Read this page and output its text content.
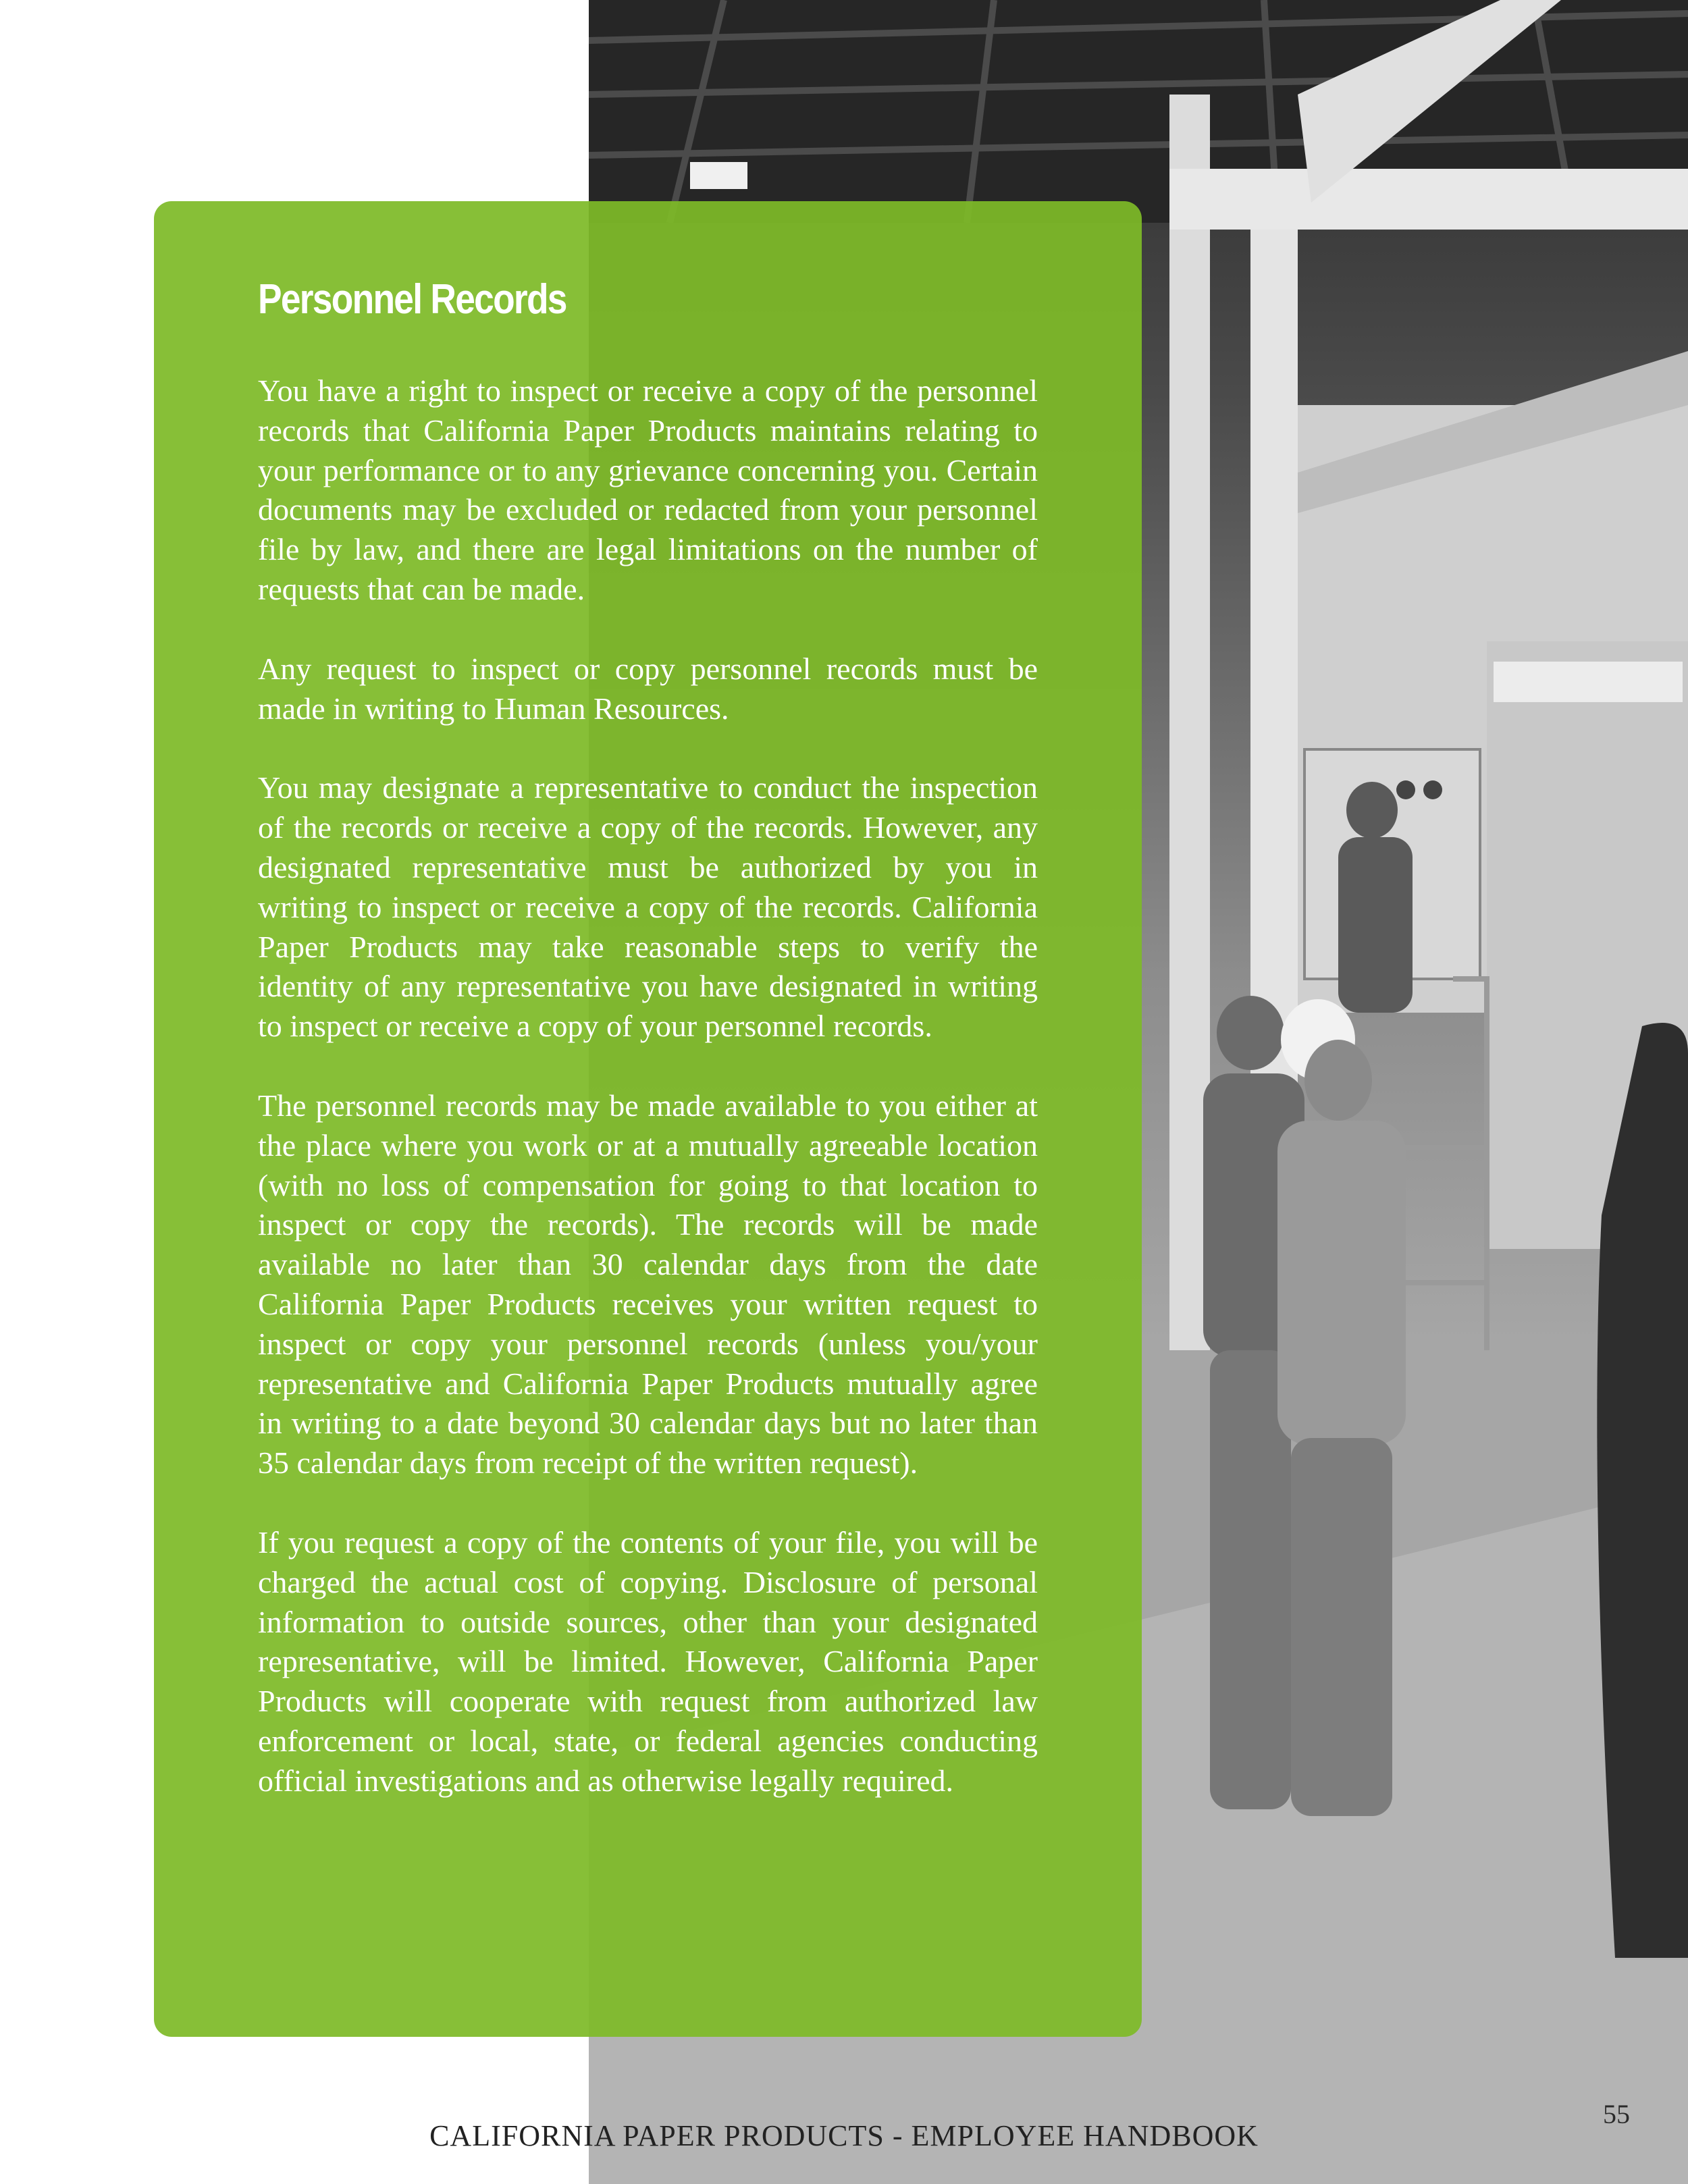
Personnel Records

You have a right to inspect or receive a copy of the personnel records that California Paper Products maintains relating to your performance or to any grievance concerning you. Certain documents may be excluded or redacted from your personnel file by law, and there are legal limitations on the number of requests that can be made.

Any request to inspect or copy personnel records must be made in writing to Human Resources.

You may designate a representative to conduct the inspection of the records or receive a copy of the records. However, any designated representative must be authorized by you in writing to inspect or receive a copy of the records. California Paper Products may take reasonable steps to verify the identity of any representative you have designated in writing to inspect or receive a copy of your personnel records.

The personnel records may be made available to you either at the place where you work or at a mutually agreeable location (with no loss of compensation for going to that location to inspect or copy the records). The records will be made available no later than 30 calendar days from the date California Paper Products receives your written request to inspect or copy your personnel records (unless you/your representative and California Paper Products mutually agree in writing to a date beyond 30 calendar days but no later than 35 calendar days from receipt of the written request).

If you request a copy of the contents of your file, you will be charged the actual cost of copying. Disclosure of personal information to outside sources, other than your designated representative, will be limited. However, California Paper Products will cooperate with request from authorized law enforcement or local, state, or federal agencies conducting official investigations and as otherwise legally required.

55
CALIFORNIA PAPER PRODUCTS - EMPLOYEE HANDBOOK
